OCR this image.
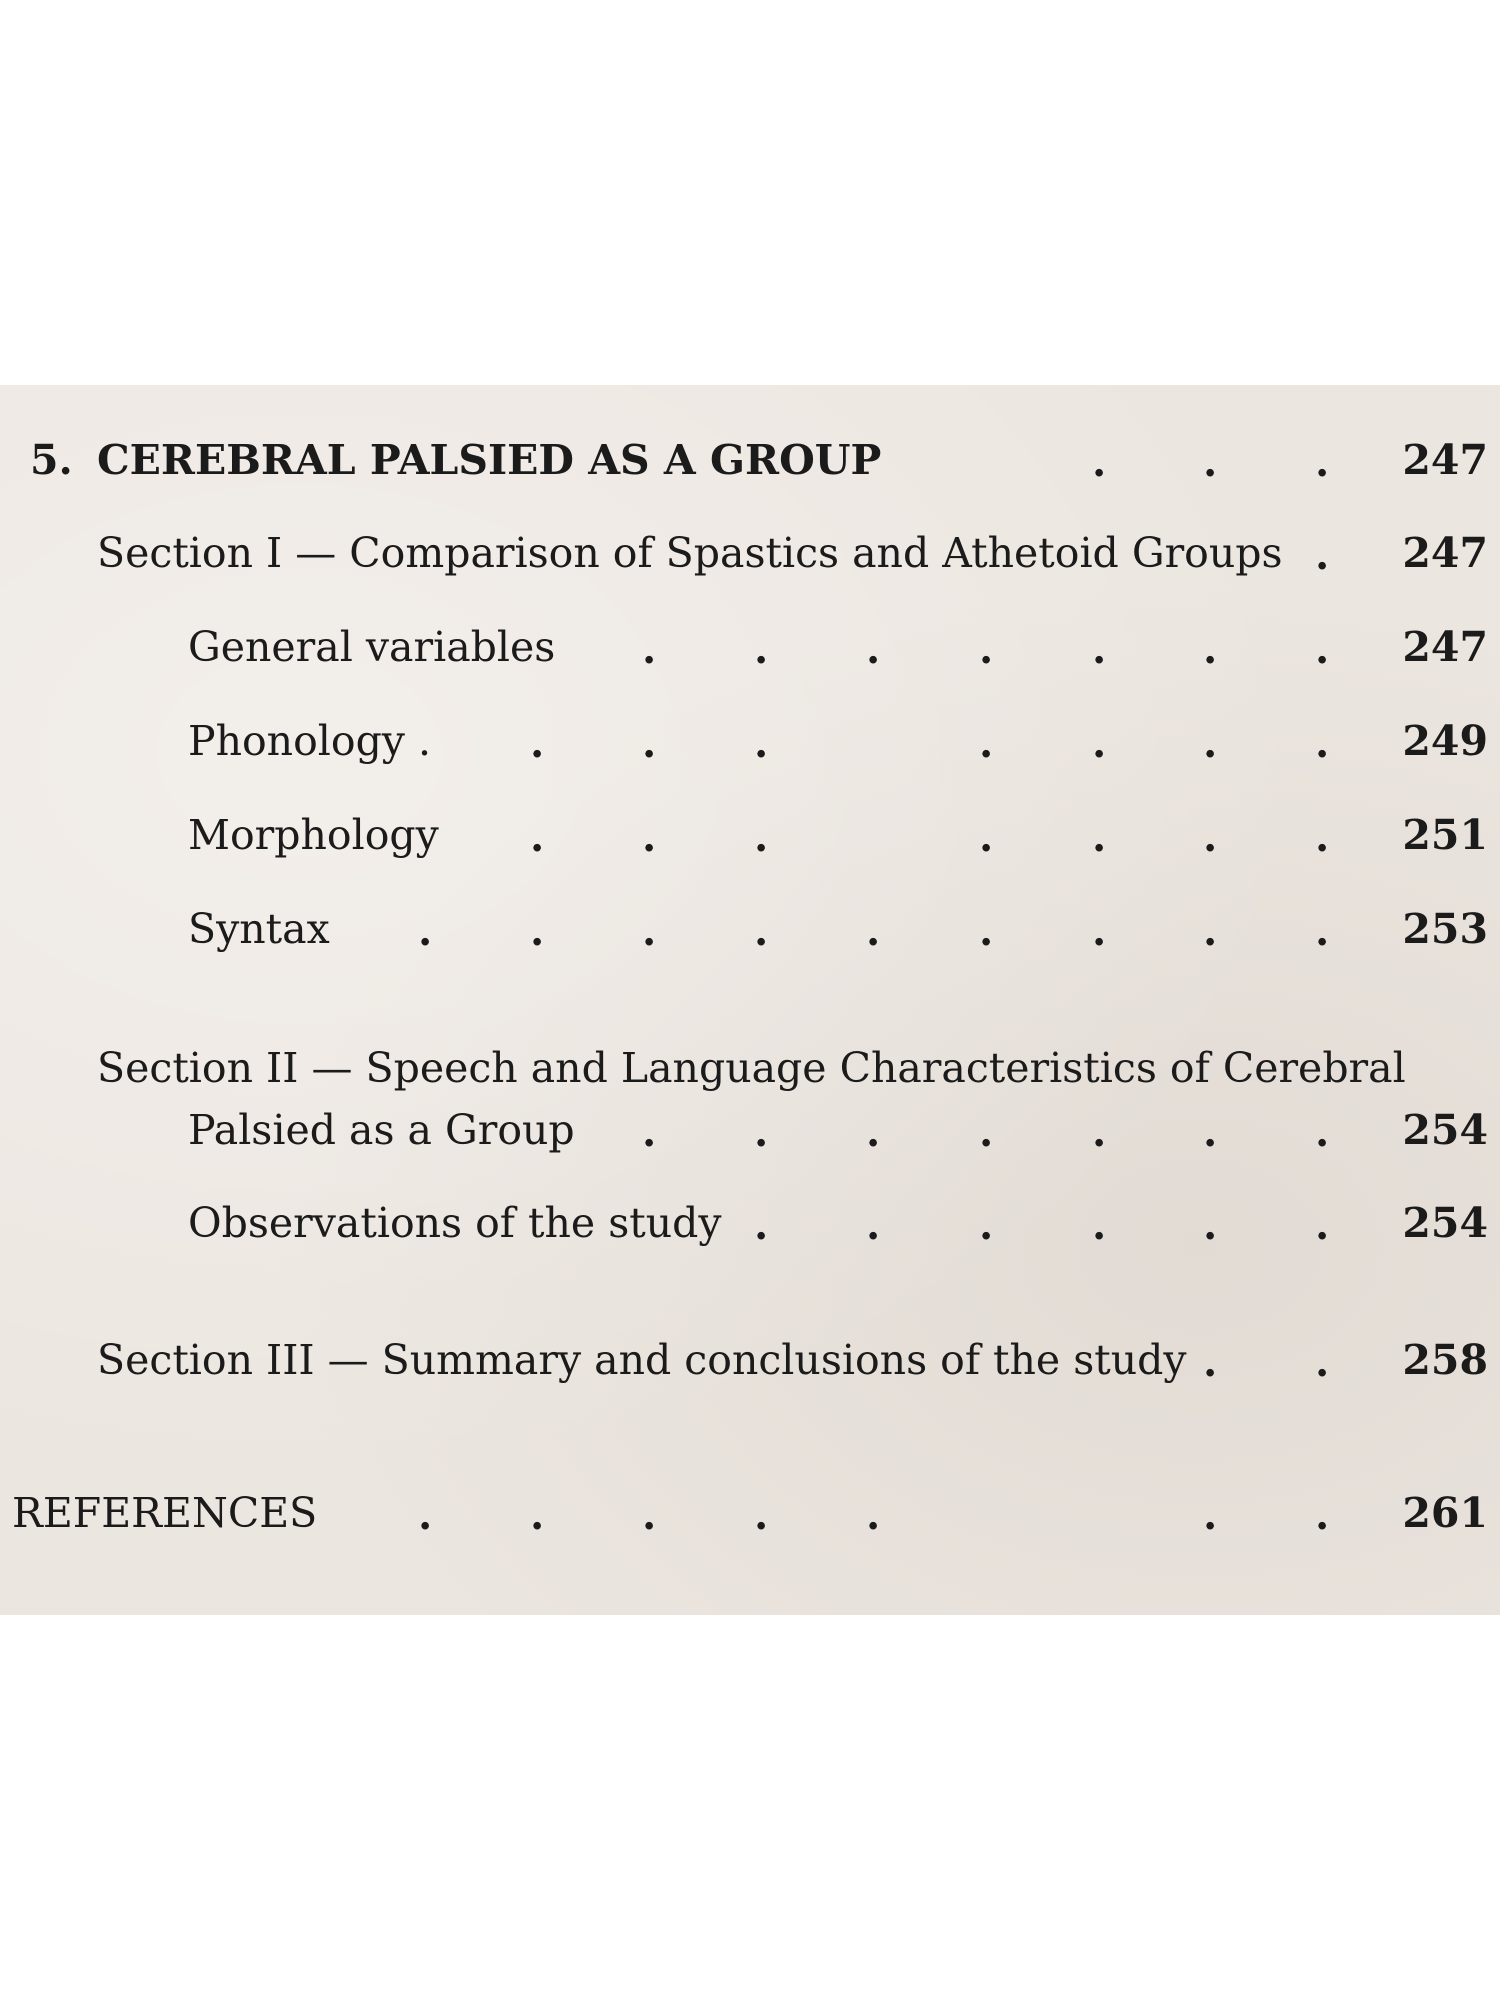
5. CEREBRAL PALSIED AS A GROUP	. . . 247
Section I — Comparison of Spastics and Athetoid Groups . 247
General variables . . . . . . . 247
Phonology . . . .	. . . . 249
Morphology . . .	. . . . 251
Syntax . . . . . . . . . 253
Section II — Speech and Language Characteristics of Cerebral
Palsied as a Group . . . . . . . 254
Observations of the study . . . . . . 254
Section III — Summary and conclusions of the study . . 258
REFERENCES . . . . .	. . 261
